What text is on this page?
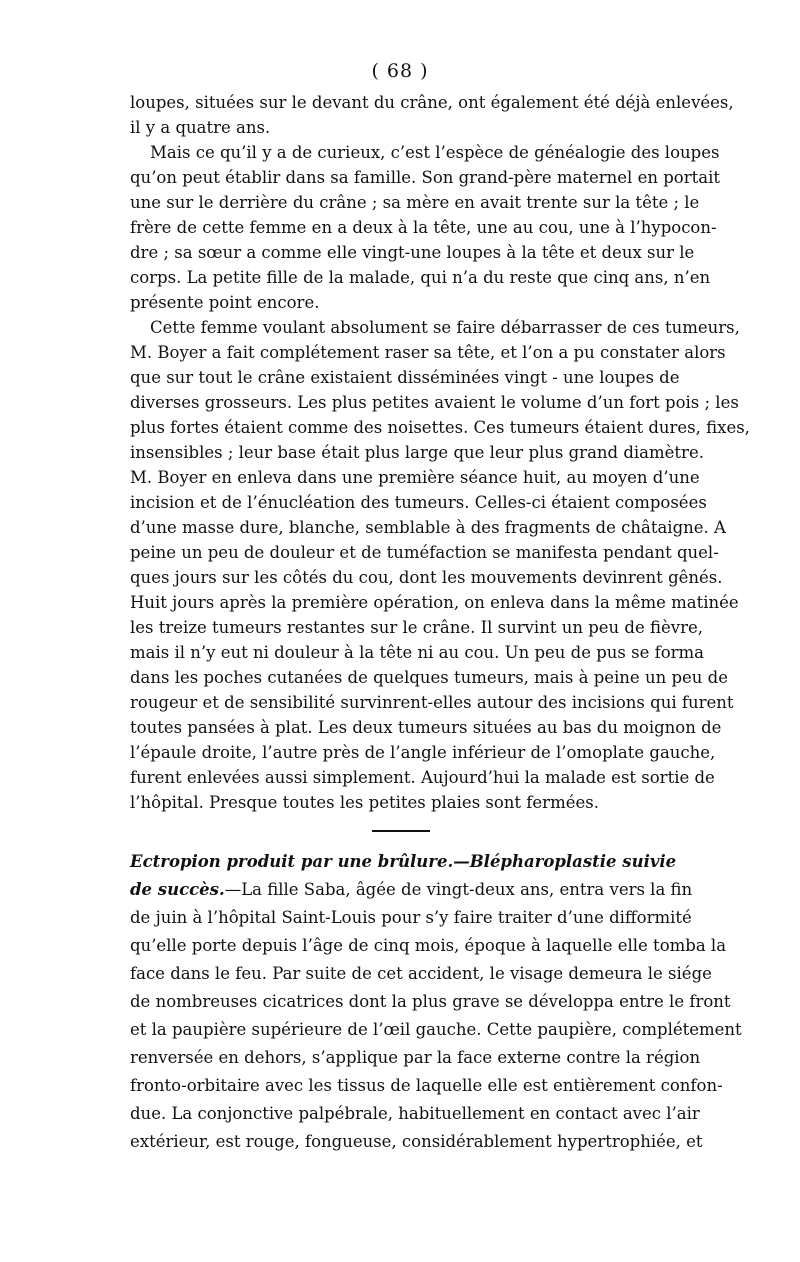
( 68 )
loupes, situées sur le devant du crâne, ont également été déjà enlevées,
il y a quatre ans.
Mais ce qu’il y a de curieux, c’est l’espèce de généalogie des loupes
qu’on peut établir dans sa famille. Son grand-père maternel en portait
une sur le derrière du crâne ; sa mère en avait trente sur la tête ; le
frère de cette femme en a deux à la tête, une au cou, une à l’hypocon-
dre ; sa sœur a comme elle vingt-une loupes à la tête et deux sur le
corps. La petite fille de la malade, qui n’a du reste que cinq ans, n’en
présente point encore.
Cette femme voulant absolument se faire débarrasser de ces tumeurs,
M. Boyer a fait complétement raser sa tête, et l’on a pu constater alors
que sur tout le crâne existaient disséminées vingt - une loupes de
diverses grosseurs. Les plus petites avaient le volume d’un fort pois ; les
plus fortes étaient comme des noisettes. Ces tumeurs étaient dures, fixes,
insensibles ; leur base était plus large que leur plus grand diamètre.
M. Boyer en enleva dans une première séance huit, au moyen d’une
incision et de l’énucléation des tumeurs. Celles-ci étaient composées
d’une masse dure, blanche, semblable à des fragments de châtaigne. A
peine un peu de douleur et de tuméfaction se manifesta pendant quel-
ques jours sur les côtés du cou, dont les mouvements devinrent gênés.
Huit jours après la première opération, on enleva dans la même matinée
les treize tumeurs restantes sur le crâne. Il survint un peu de fièvre,
mais il n’y eut ni douleur à la tête ni au cou. Un peu de pus se forma
dans les poches cutanées de quelques tumeurs, mais à peine un peu de
rougeur et de sensibilité survinrent-elles autour des incisions qui furent
toutes pansées à plat. Les deux tumeurs situées au bas du moignon de
l’épaule droite, l’autre près de l’angle inférieur de l’omoplate gauche,
furent enlevées aussi simplement. Aujourd’hui la malade est sortie de
l’hôpital. Presque toutes les petites plaies sont fermées.
Ectropion produit par une brûlure.—Blépharoplastie suivie
de succès.—La fille Saba, âgée de vingt-deux ans, entra vers la fin
de juin à l’hôpital Saint-Louis pour s’y faire traiter d’une difformité
qu’elle porte depuis l’âge de cinq mois, époque à laquelle elle tomba la
face dans le feu. Par suite de cet accident, le visage demeura le siége
de nombreuses cicatrices dont la plus grave se développa entre le front
et la paupière supérieure de l’œil gauche. Cette paupière, complétement
renversée en dehors, s’applique par la face externe contre la région
fronto-orbitaire avec les tissus de laquelle elle est entièrement confon-
due. La conjonctive palpébrale, habituellement en contact avec l’air
extérieur, est rouge, fongueuse, considérablement hypertrophiée, et
